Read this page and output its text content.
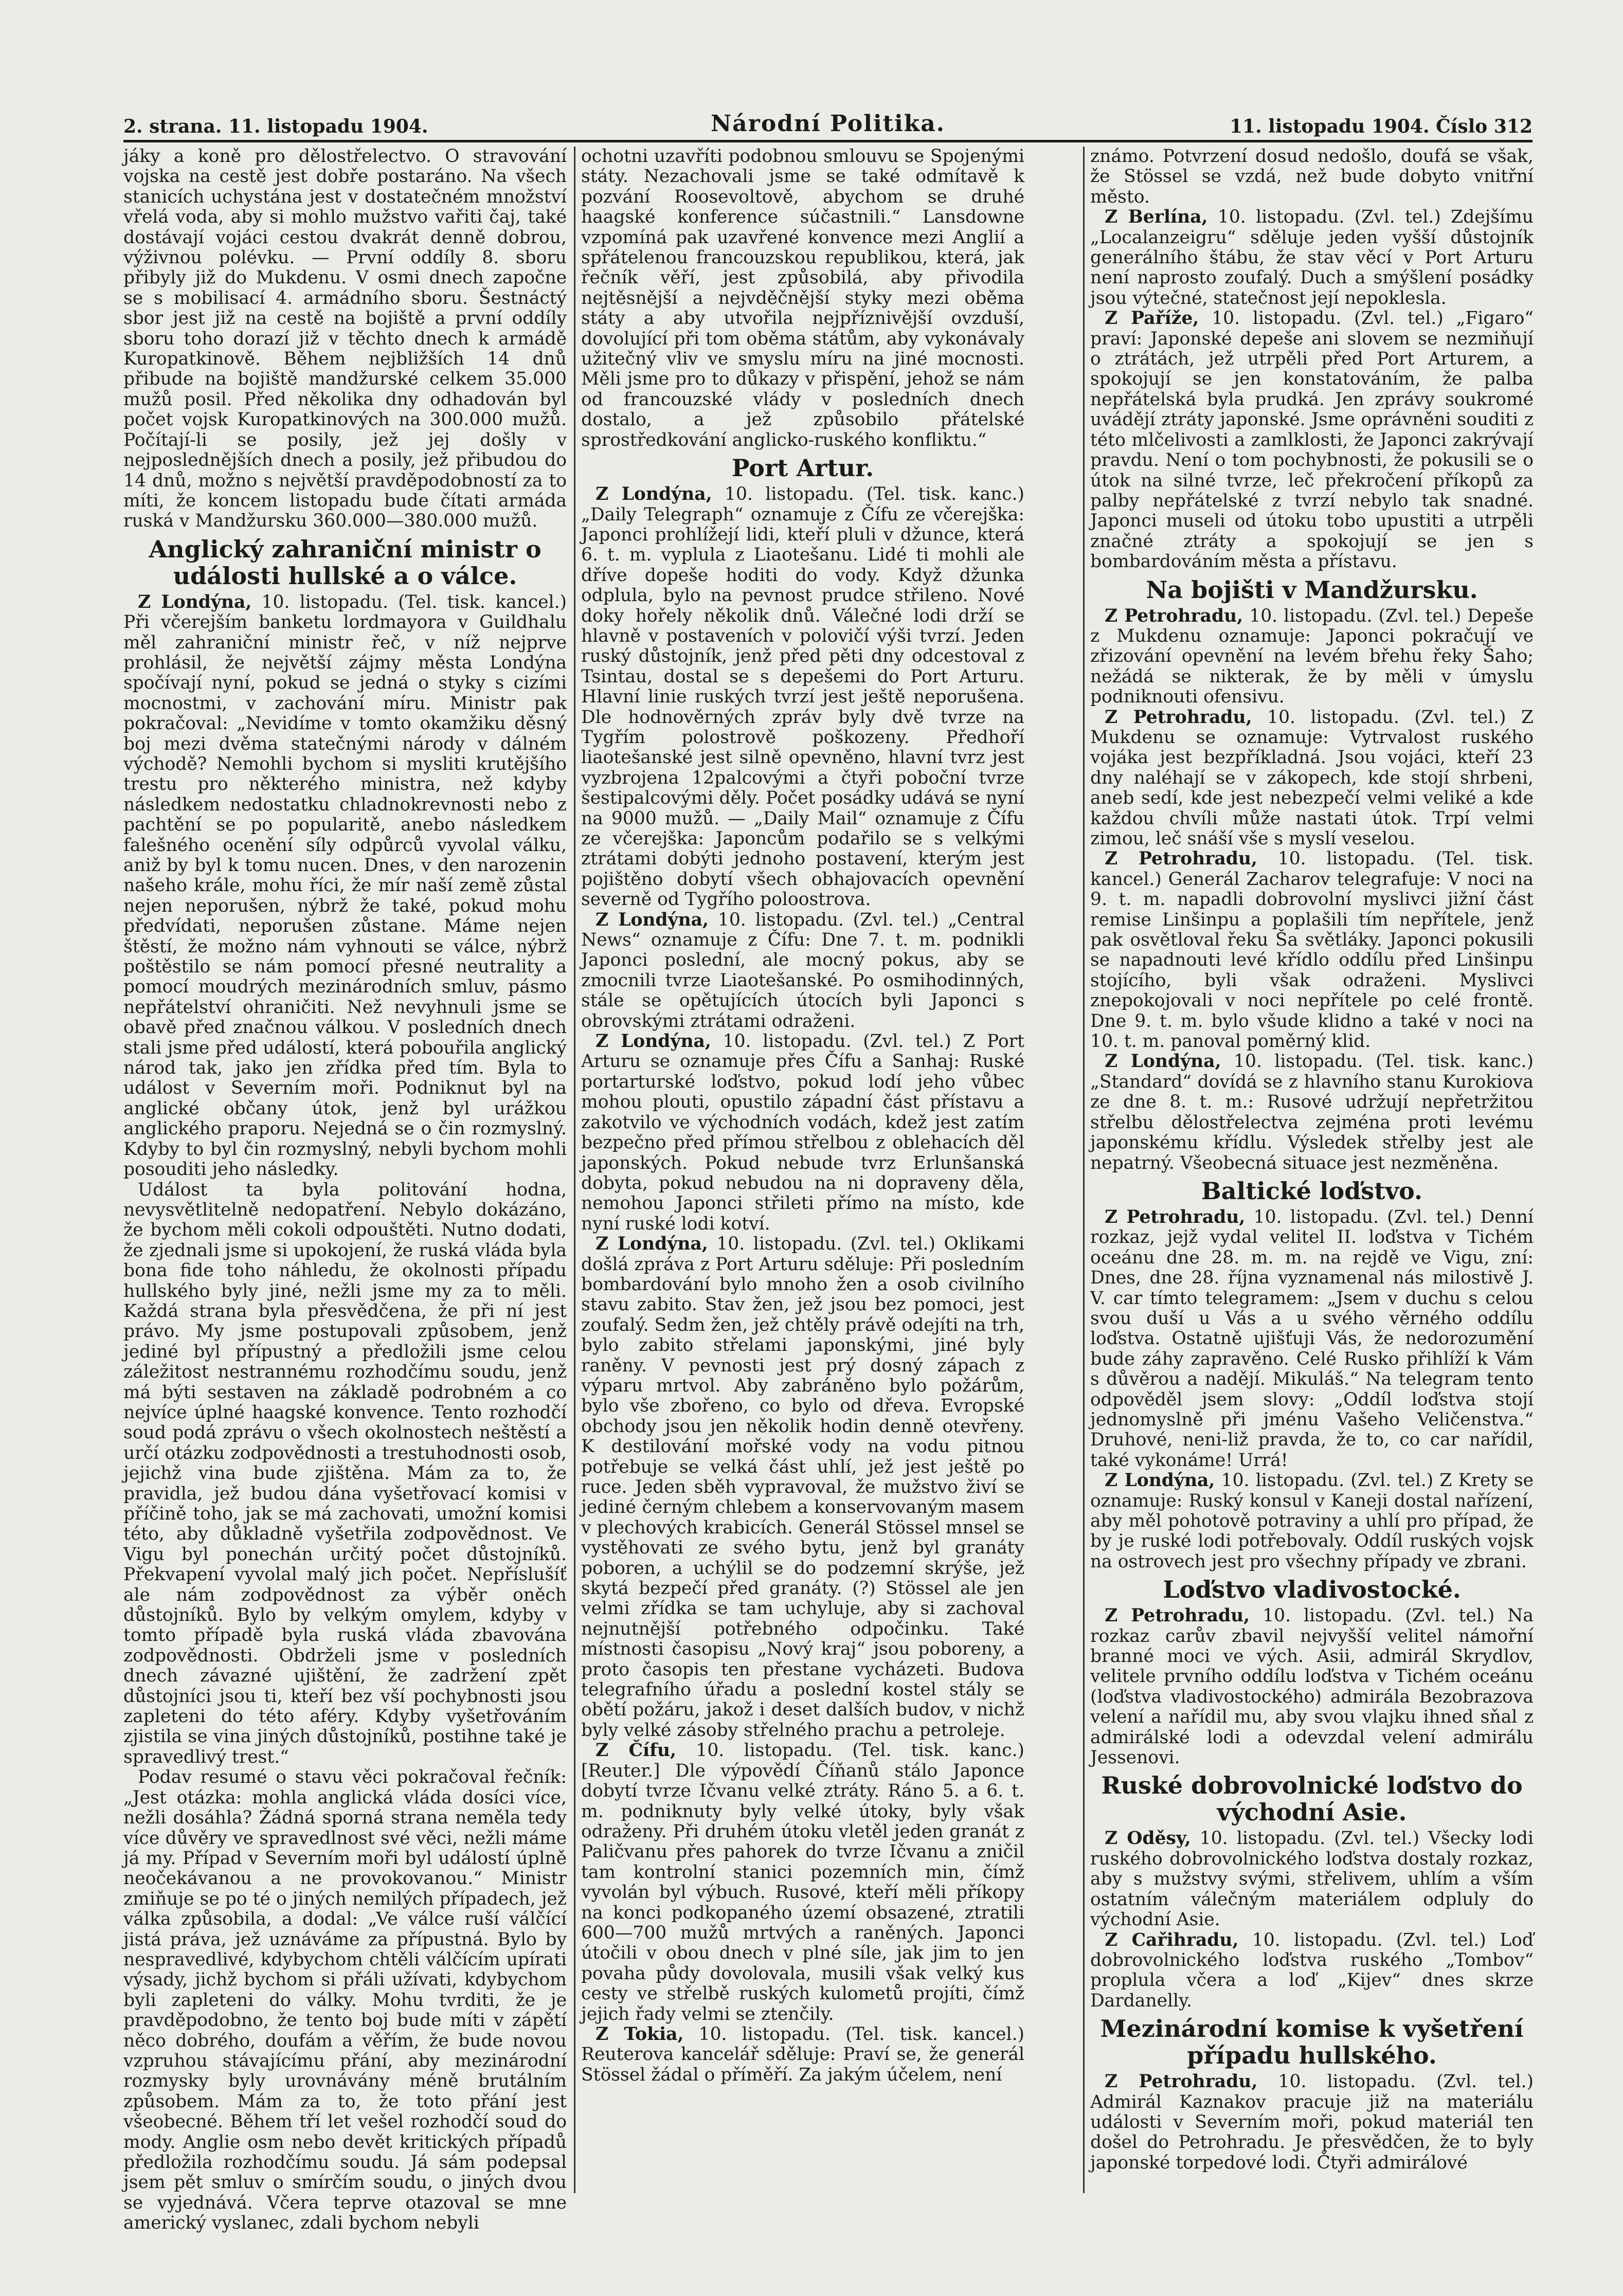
2. strana. 11. listopadu 1904.	Národní Politika.	11. listopadu 1904. Číslo 312

jáky a koně pro dělostřelectvo. O stravování vojska na cestě jest dobře postaráno. Na všech stanicích uchystána jest v dostatečném množství vřelá voda, aby si mohlo mužstvo vařiti čaj, také dostávají vojáci cestou dvakrát denně dobrou, výživnou polévku. — První oddíly 8. sboru přibyly již do Mukdenu. V osmi dnech započne se s mobilisací 4. armádního sboru. Šestnáctý sbor jest již na cestě na bojiště a první oddíly sboru toho dorazí již v těchto dnech k armádě Kuropatkinově. Během nejbližších 14 dnů přibude na bojiště mandžurské celkem 35.000 mužů posil. Před několika dny odhadován byl počet vojsk Kuropatkinových na 300.000 mužů. Počítají-li se posily, jež jej došly v nejposlednějších dnech a posily, jež přibudou do 14 dnů, možno s největší pravděpodobností za to míti, že koncem listopadu bude čítati armáda ruská v Mandžursku 360.000—380.000 mužů.

Anglický zahraniční ministr o události hullské a o válce.

Z Londýna, 10. listopadu. (Tel. tisk. kancel.) Při včerejším banketu lordmayora v Guildhalu měl zahraniční ministr řeč, v níž nejprve prohlásil, že největší zájmy města Londýna spočívají nyní, pokud se jedná o styky s cizími mocnostmi, v zachování míru. Ministr pak pokračoval: „Nevidíme v tomto okamžiku děsný boj mezi dvěma statečnými národy v dálném východě? Nemohli bychom si mysliti krutějšího trestu pro některého ministra, než kdyby následkem nedostatku chladnokrevnosti nebo z pachtění se po popularitě, anebo následkem falešného ocenění síly odpůrců vyvolal válku, aniž by byl k tomu nucen. Dnes, v den narozenin našeho krále, mohu říci, že mír naší země zůstal nejen neporušen, nýbrž že také, pokud mohu předvídati, neporušen zůstane. Máme nejen štěstí, že možno nám vyhnouti se válce, nýbrž poštěstilo se nám pomocí přesné neutrality a pomocí moudrých mezinárodních smluv, pásmo nepřátelství ohraničiti. Než nevyhnuli jsme se obavě před značnou válkou. V posledních dnech stali jsme před událostí, která pobouřila anglický národ tak, jako jen zřídka před tím. Byla to událost v Severním moři. Podniknut byl na anglické občany útok, jenž byl urážkou anglického praporu. Nejedná se o čin rozmyslný. Kdyby to byl čin rozmyslný, nebyli bychom mohli posouditi jeho následky.

Událost ta byla politování hodna, nevysvětlitelně nedopatření. Nebylo dokázáno, že bychom měli cokoli odpouštěti. Nutno dodati, že zjednali jsme si upokojení, že ruská vláda byla bona fide toho náhledu, že okolnosti případu hullského byly jiné, nežli jsme my za to měli. Každá strana byla přesvědčena, že při ní jest právo. My jsme postupovali způsobem, jenž jediné byl přípustný a předložili jsme celou záležitost nestrannému rozhodčímu soudu, jenž má býti sestaven na základě podrobném a co nejvíce úplné haagské konvence. Tento rozhodčí soud podá zprávu o všech okolnostech neštěstí a určí otázku zodpovědnosti a trestuhodnosti osob, jejichž vina bude zjištěna. Mám za to, že pravidla, jež budou dána vyšetřovací komisi v příčině toho, jak se má zachovati, umožní komisi této, aby důkladně vyšetřila zodpovědnost. Ve Vigu byl ponechán určitý počet důstojníků. Překvapení vyvolal malý jich počet. Nepříslušíť ale nám zodpovědnost za výběr oněch důstojníků. Bylo by velkým omylem, kdyby v tomto případě byla ruská vláda zbavována zodpovědnosti. Obdrželi jsme v posledních dnech závazné ujištění, že zadržení zpět důstojníci jsou ti, kteří bez vší pochybnosti jsou zapleteni do této aféry. Kdyby vyšetřováním zjistila se vina jiných důstojníků, postihne také je spravedlivý trest.“

Podav resumé o stavu věci pokračoval řečník: „Jest otázka: mohla anglická vláda dosíci více, nežli dosáhla? Žádná sporná strana neměla tedy více důvěry ve spravedlnost své věci, nežli máme já my. Případ v Severním moři byl událostí úplně neočekávanou a ne provokovanou.“ Ministr zmiňuje se po té o jiných nemilých případech, jež válka způsobila, a dodal: „Ve válce ruší válčící jistá práva, jež uznáváme za přípustná. Bylo by nespravedlivé, kdybychom chtěli válčícím upírati výsady, jichž bychom si přáli užívati, kdybychom byli zapleteni do války. Mohu tvrditi, že je pravděpodobno, že tento boj bude míti v zápětí něco dobrého, doufám a věřím, že bude novou vzpruhou stávajícímu přání, aby mezinárodní rozmysky byly urovnávány méně brutálním způsobem. Mám za to, že toto přání jest všeobecné. Během tří let vešel rozhodčí soud do mody. Anglie osm nebo devět kritických případů předložila rozhodčímu soudu. Já sám podepsal jsem pět smluv o smírčím soudu, o jiných dvou se vyjednává. Včera teprve otazoval se mne americký vyslanec, zdali bychom nebyli

ochotni uzavříti podobnou smlouvu se Spojenými státy. Nezachovali jsme se také odmítavě k pozvání Roosevoltově, abychom se druhé haagské konference súčastnili.“ Lansdowne vzpomíná pak uzavřené konvence mezi Anglií a spřátelenou francouzskou republikou, která, jak řečník věří, jest způsobilá, aby přivodila nejtěsnější a nejvděčnější styky mezi oběma státy a aby utvořila nejpříznivější ovzduší, dovolující při tom oběma státům, aby vykonávaly užitečný vliv ve smyslu míru na jiné mocnosti. Měli jsme pro to důkazy v přispění, jehož se nám od francouzské vlády v posledních dnech dostalo, a jež způsobilo přátelské sprostředkování anglicko-ruského konfliktu.“

Port Artur.

Z Londýna, 10. listopadu. (Tel. tisk. kanc.) „Daily Telegraph“ oznamuje z Čífu ze včerejška: Japonci prohlížejí lidi, kteří pluli v džunce, která 6. t. m. vyplula z Liaotešanu. Lidé ti mohli ale dříve dopeše hoditi do vody. Když džunka odplula, bylo na pevnost prudce střileno. Nové doky hořely několik dnů. Válečné lodi drží se hlavně v postaveních v polovičí výši tvrzí. Jeden ruský důstojník, jenž před pěti dny odcestoval z Tsintau, dostal se s depešemi do Port Arturu. Hlavní linie ruských tvrzí jest ještě neporušena. Dle hodnověrných zpráv byly dvě tvrze na Tygřím polostrově poškozeny. Předhoří liaotešanské jest silně opevněno, hlavní tvrz jest vyzbrojena 12palcovými a čtyři poboční tvrze šestipalcovými děly. Počet posádky udává se nyní na 9000 mužů. — „Daily Mail“ oznamuje z Čífu ze včerejška: Japoncům podařilo se s velkými ztrátami dobýti jednoho postavení, kterým jest pojištěno dobytí všech obhajovacích opevnění severně od Tygřího poloostrova.

Z Londýna, 10. listopadu. (Zvl. tel.) „Central News“ oznamuje z Čífu: Dne 7. t. m. podnikli Japonci poslední, ale mocný pokus, aby se zmocnili tvrze Liaotešanské. Po osmihodinných, stále se opětujících útocích byli Japonci s obrovskými ztrátami odraženi.

Z Londýna, 10. listopadu. (Zvl. tel.) Z Port Arturu se oznamuje přes Čífu a Sanhaj: Ruské portarturské loďstvo, pokud lodí jeho vůbec mohou plouti, opustilo západní část přístavu a zakotvilo ve východních vodách, kdež jest zatím bezpečno před přímou střelbou z oblehacích děl japonských. Pokud nebude tvrz Erlunšanská dobyta, pokud nebudou na ni dopraveny děla, nemohou Japonci střileti přímo na místo, kde nyní ruské lodi kotví.

Z Londýna, 10. listopadu. (Zvl. tel.) Oklikami došlá zpráva z Port Arturu sděluje: Při posledním bombardování bylo mnoho žen a osob civilního stavu zabito. Stav žen, jež jsou bez pomoci, jest zoufalý. Sedm žen, jež chtěly právě odejíti na trh, bylo zabito střelami japonskými, jiné byly raněny. V pevnosti jest prý dosný zápach z výparu mrtvol. Aby zabráněno bylo požárům, bylo vše zbořeno, co bylo od dřeva. Evropské obchody jsou jen několik hodin denně otevřeny. K destilování mořské vody na vodu pitnou potřebuje se velká část uhlí, jež jest ještě po ruce. Jeden sběh vypravoval, že mužstvo živí se jediné černým chlebem a konservovaným masem v plechových krabicích. Generál Stössel mnsel se vystěhovati ze svého bytu, jenž byl granáty poboren, a uchýlil se do podzemní skrýše, jež skytá bezpečí před granáty. (?) Stössel ale jen velmi zřídka se tam uchyluje, aby si zachoval nejnutnější potřebného odpočinku. Také místnosti časopisu „Nový kraj“ jsou poboreny, a proto časopis ten přestane vycházeti. Budova telegrafního úřadu a poslední kostel stály se obětí požáru, jakož i deset dalších budov, v nichž byly velké zásoby střelného prachu a petroleje.

Z Čífu, 10. listopadu. (Tel. tisk. kanc.) [Reuter.] Dle výpovědí Číňanů stálo Japonce dobytí tvrze Ičvanu velké ztráty. Ráno 5. a 6. t. m. podniknuty byly velké útoky, byly však odraženy. Při druhém útoku vletěl jeden granát z Paličvanu přes pahorek do tvrze Ičvanu a zničil tam kontrolní stanici pozemních min, čímž vyvolán byl výbuch. Rusové, kteří měli příkopy na konci podkopaného území obsazené, ztratili 600—700 mužů mrtvých a raněných. Japonci útočili v obou dnech v plné síle, jak jim to jen povaha půdy dovolovala, musili však velký kus cesty ve střelbě ruských kulometů projíti, čímž jejich řady velmi se ztenčily.

Z Tokia, 10. listopadu. (Tel. tisk. kancel.) Reuterova kancelář sděluje: Praví se, že generál Stössel žádal o příměří. Za jakým účelem, není

známo. Potvrzení dosud nedošlo, doufá se však, že Stössel se vzdá, než bude dobyto vnitřní město.

Z Berlína, 10. listopadu. (Zvl. tel.) Zdejšímu „Localanzeigru“ sděluje jeden vyšší důstojník generálního štábu, že stav věcí v Port Arturu není naprosto zoufalý. Duch a smýšlení posádky jsou výtečné, statečnost její nepoklesla.

Z Paříže, 10. listopadu. (Zvl. tel.) „Figaro“ praví: Japonské depeše ani slovem se nezmiňují o ztrátách, jež utrpěli před Port Arturem, a spokojují se jen konstatováním, že palba nepřátelská byla prudká. Jen zprávy soukromé uvádějí ztráty japonské. Jsme oprávněni souditi z této mlčelivosti a zamlklosti, že Japonci zakrývají pravdu. Není o tom pochybnosti, že pokusili se o útok na silné tvrze, leč překročení příkopů za palby nepřátelské z tvrzí nebylo tak snadné. Japonci museli od útoku tobo upustiti a utrpěli značné ztráty a spokojují se jen s bombardováním města a přístavu.

Na bojišti v Mandžursku.

Z Petrohradu, 10. listopadu. (Zvl. tel.) Depeše z Mukdenu oznamuje: Japonci pokračují ve zřizování opevnění na levém břehu řeky Šaho; nežádá se nikterak, že by měli v úmyslu podniknouti ofensivu.

Z Petrohradu, 10. listopadu. (Zvl. tel.) Z Mukdenu se oznamuje: Vytrvalost ruského vojáka jest bezpříkladná. Jsou vojáci, kteří 23 dny naléhají se v zákopech, kde stojí shrbeni, aneb sedí, kde jest nebezpečí velmi veliké a kde každou chvíli může nastati útok. Trpí velmi zimou, leč snáší vše s myslí veselou.

Z Petrohradu, 10. listopadu. (Tel. tisk. kancel.) Generál Zacharov telegrafuje: V noci na 9. t. m. napadli dobrovolní myslivci jižní část remise Linšinpu a poplašili tím nepřítele, jenž pak osvětloval řeku Ša světláky. Japonci pokusili se napadnouti levé křídlo oddílu před Linšinpu stojícího, byli však odraženi. Myslivci znepokojovali v noci nepřítele po celé frontě. Dne 9. t. m. bylo všude klidno a také v noci na 10. t. m. panoval poměrný klid.

Z Londýna, 10. listopadu. (Tel. tisk. kanc.) „Standard“ dovídá se z hlavního stanu Kurokiova ze dne 8. t. m.: Rusové udržují nepřetržitou střelbu dělostřelectva zejména proti levému japonskému křídlu. Výsledek střelby jest ale nepatrný. Všeobecná situace jest nezměněna.

Baltické loďstvo.

Z Petrohradu, 10. listopadu. (Zvl. tel.) Denní rozkaz, jejž vydal velitel II. loďstva v Tichém oceánu dne 28. m. m. na rejdě ve Vigu, zní: Dnes, dne 28. října vyznamenal nás milostivě J. V. car tímto telegramem: „Jsem v duchu s celou svou duší u Vás a u svého věrného oddílu loďstva. Ostatně ujišťuji Vás, že nedorozumění bude záhy zapravěno. Celé Rusko přihlíží k Vám s důvěrou a nadějí. Mikuláš.“ Na telegram tento odpověděl jsem slovy: „Oddíl loďstva stojí jednomyslně při jménu Vašeho Veličenstva.“ Druhové, neni-liž pravda, že to, co car nařídil, také vykonáme! Urrá!

Z Londýna, 10. listopadu. (Zvl. tel.) Z Krety se oznamuje: Ruský konsul v Kaneji dostal nařízení, aby měl pohotově potraviny a uhlí pro případ, že by je ruské lodi potřebovaly. Oddíl ruských vojsk na ostrovech jest pro všechny případy ve zbrani.

Loďstvo vladivostocké.

Z Petrohradu, 10. listopadu. (Zvl. tel.) Na rozkaz carův zbavil nejvyšší velitel námořní branné moci ve vých. Asii, admirál Skrydlov, velitele prvního oddílu loďstva v Tichém oceánu (loďstva vladivostockého) admirála Bezobrazova velení a nařídil mu, aby svou vlajku ihned sňal z admirálské lodi a odevzdal velení admirálu Jessenovi.

Ruské dobrovolnické loďstvo do východní Asie.

Z Oděsy, 10. listopadu. (Zvl. tel.) Všecky lodi ruského dobrovolnického loďstva dostaly rozkaz, aby s mužstvy svými, střelivem, uhlím a vším ostatním válečným materiálem odpluly do východní Asie.

Z Cařihradu, 10. listopadu. (Zvl. tel.) Loď dobrovolnického loďstva ruského „Tombov“ proplula včera a loď „Kijev“ dnes skrze Dardanelly.

Mezinárodní komise k vyšetření případu hullského.

Z Petrohradu, 10. listopadu. (Zvl. tel.) Admirál Kaznakov pracuje již na materiálu události v Severním moři, pokud materiál ten došel do Petrohradu. Je přesvědčen, že to byly japonské torpedové lodi. Čtyři admirálové
